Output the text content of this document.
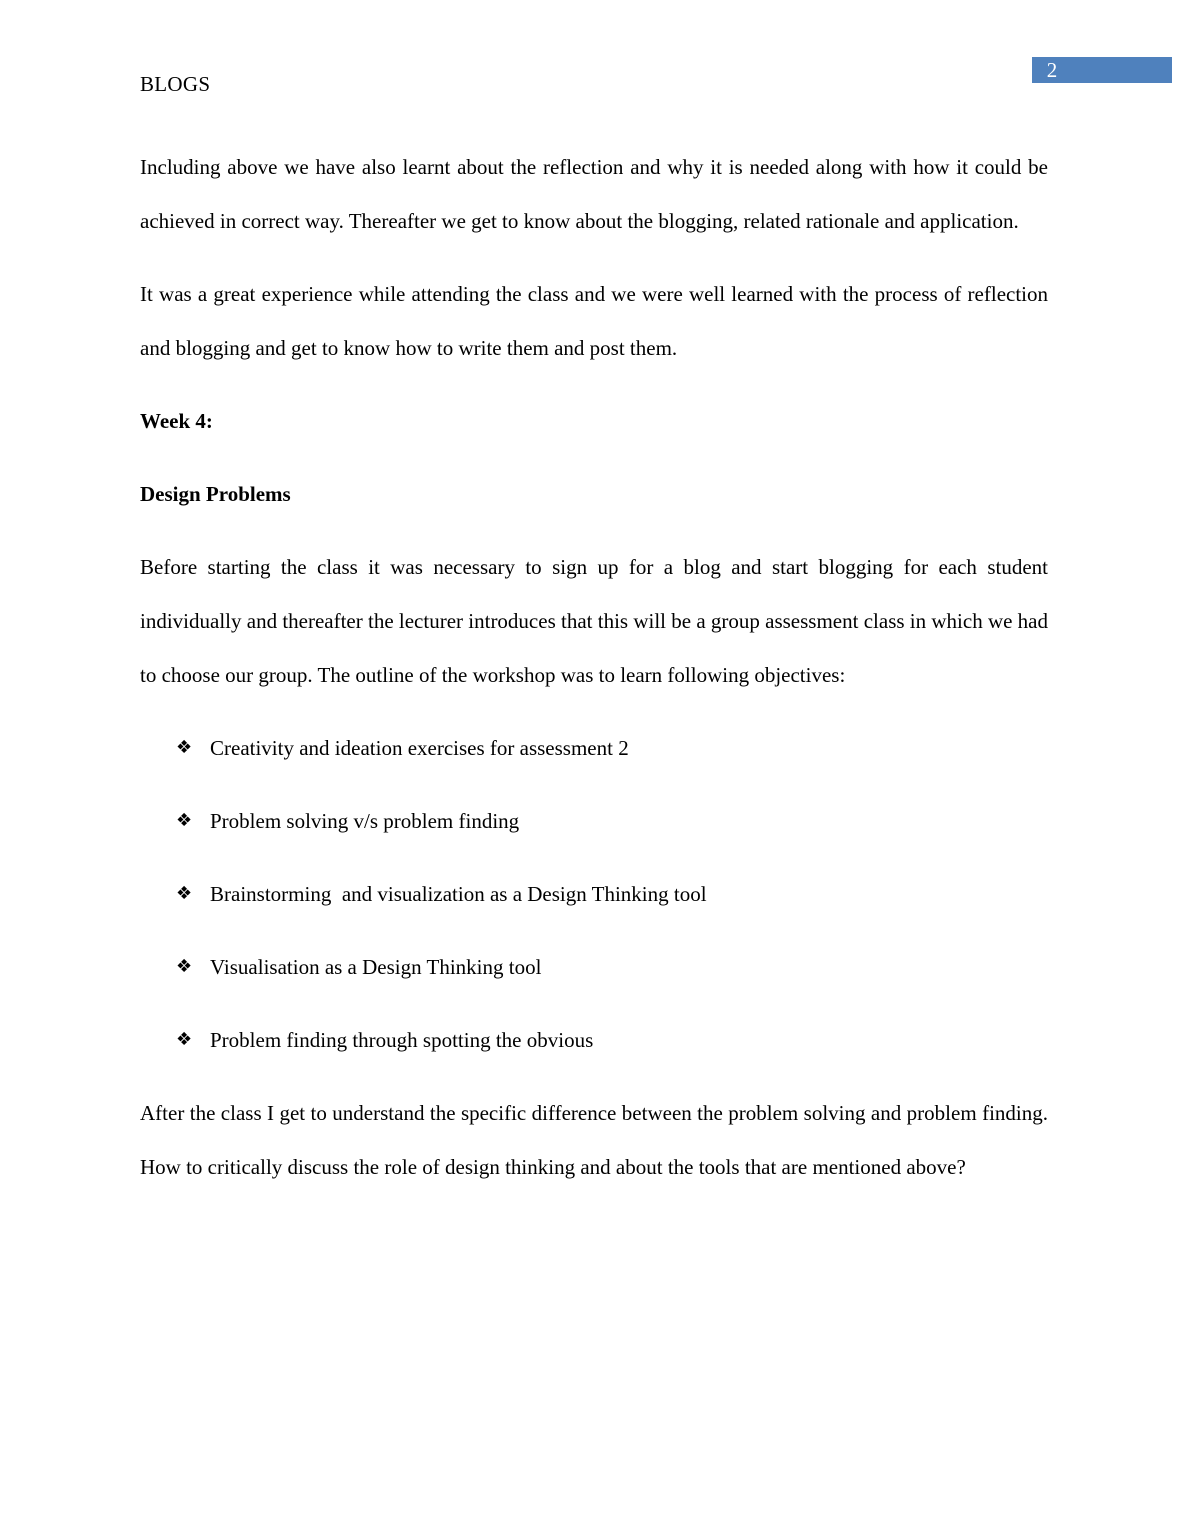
2
BLOGS

Including above we have also learnt about the reflection and why it is needed along with how it could be achieved in correct way. Thereafter we get to know about the blogging, related rationale and application.

It was a great experience while attending the class and we were well learned with the process of reflection and blogging and get to know how to write them and post them.

Week 4:

Design Problems

Before starting the class it was necessary to sign up for a blog and start blogging for each student individually and thereafter the lecturer introduces that this will be a group assessment class in which we had to choose our group. The outline of the workshop was to learn following objectives:

❖ Creativity and ideation exercises for assessment 2
❖ Problem solving v/s problem finding
❖ Brainstorming  and visualization as a Design Thinking tool
❖ Visualisation as a Design Thinking tool
❖ Problem finding through spotting the obvious

After the class I get to understand the specific difference between the problem solving and problem finding. How to critically discuss the role of design thinking and about the tools that are mentioned above?
